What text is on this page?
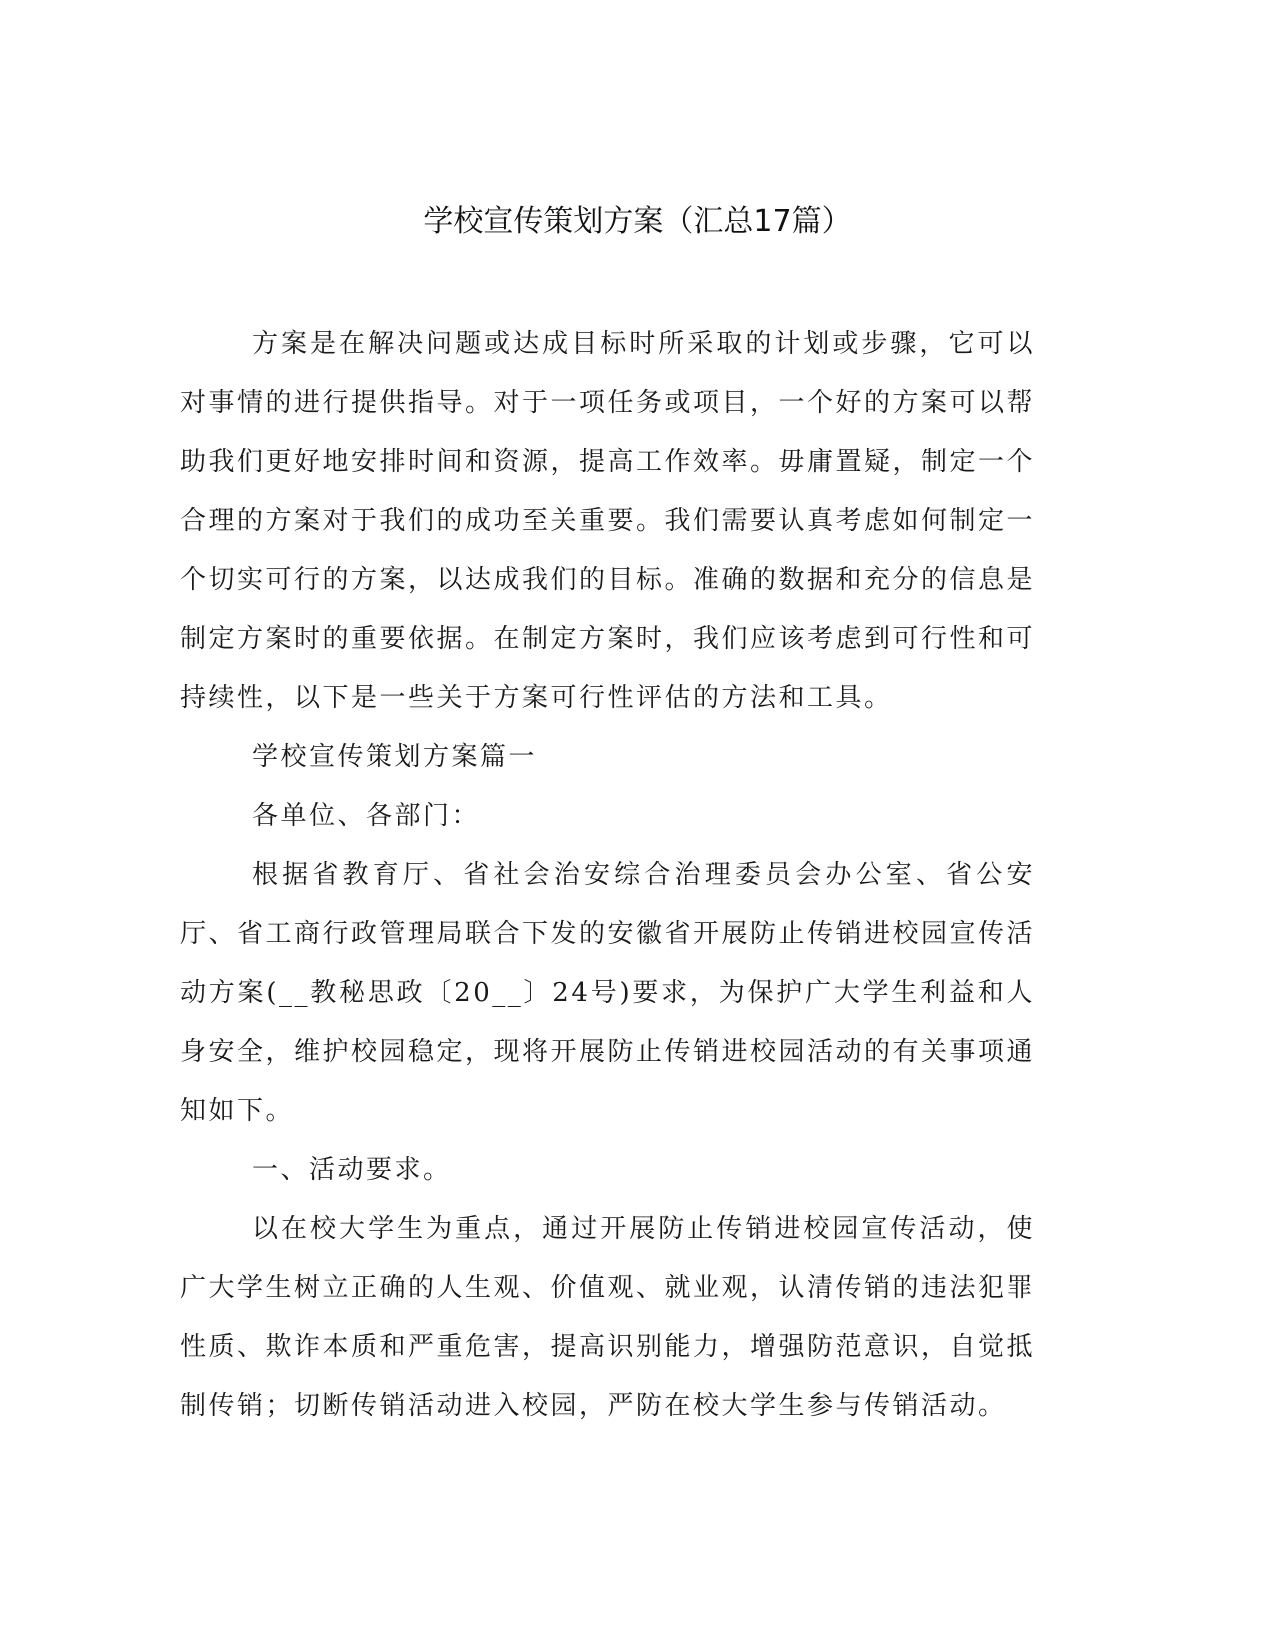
学校宣传策划方案（汇总17篇）

方案是在解决问题或达成目标时所采取的计划或步骤，它可以对事情的进行提供指导。对于一项任务或项目，一个好的方案可以帮助我们更好地安排时间和资源，提高工作效率。毋庸置疑，制定一个合理的方案对于我们的成功至关重要。我们需要认真考虑如何制定一个切实可行的方案，以达成我们的目标。准确的数据和充分的信息是制定方案时的重要依据。在制定方案时，我们应该考虑到可行性和可持续性，以下是一些关于方案可行性评估的方法和工具。

学校宣传策划方案篇一

各单位、各部门：

根据省教育厅、省社会治安综合治理委员会办公室、省公安厅、省工商行政管理局联合下发的安徽省开展防止传销进校园宣传活动方案(__教秘思政〔20__〕24号)要求，为保护广大学生利益和人身安全，维护校园稳定，现将开展防止传销进校园活动的有关事项通知如下。

一、活动要求。

以在校大学生为重点，通过开展防止传销进校园宣传活动，使广大学生树立正确的人生观、价值观、就业观，认清传销的违法犯罪性质、欺诈本质和严重危害，提高识别能力，增强防范意识，自觉抵制传销；切断传销活动进入校园，严防在校大学生参与传销活动。
